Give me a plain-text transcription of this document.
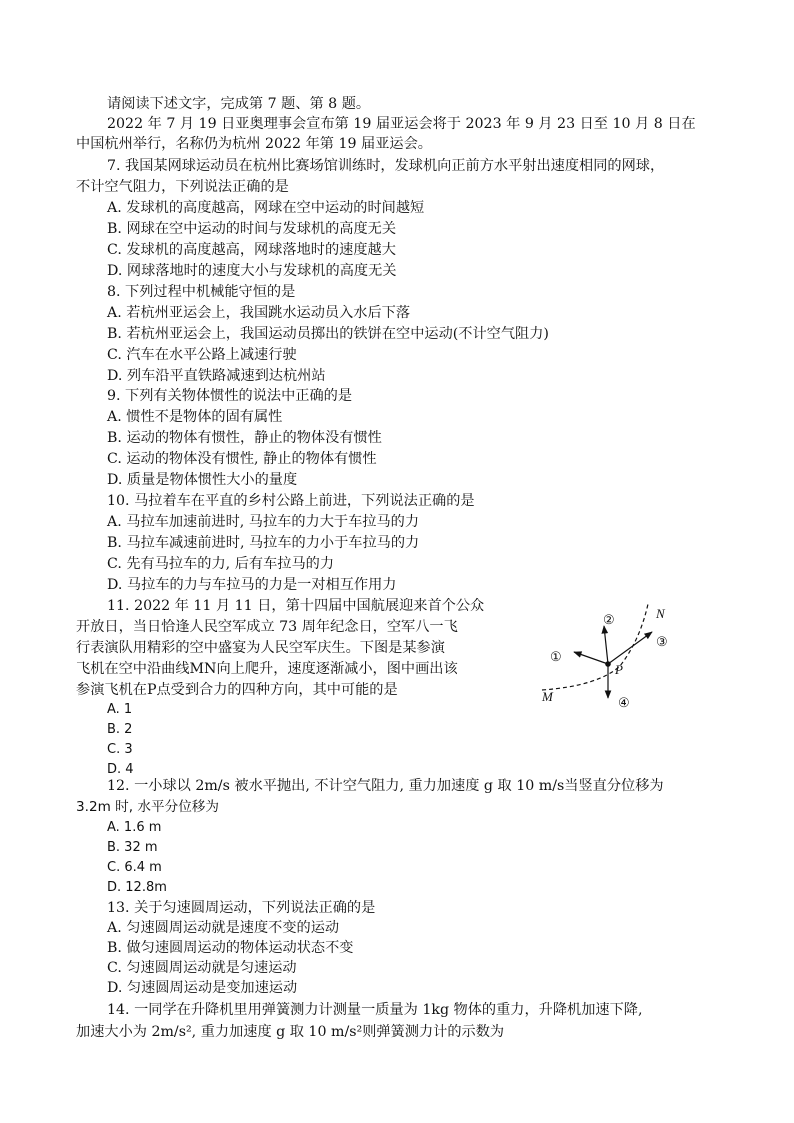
请阅读下述文字，完成第 7 题、第 8 题。
2022 年 7 月 19 日亚奥理事会宣布第 19 届亚运会将于 2023 年 9 月 23 日至 10 月 8 日在
中国杭州举行，名称仍为杭州 2022 年第 19 届亚运会。
7. 我国某网球运动员在杭州比赛场馆训练时，发球机向正前方水平射出速度相同的网球，
不计空气阻力，下列说法正确的是
A. 发球机的高度越高，网球在空中运动的时间越短
B. 网球在空中运动的时间与发球机的高度无关
C. 发球机的高度越高，网球落地时的速度越大
D. 网球落地时的速度大小与发球机的高度无关
8. 下列过程中机械能守恒的是
A. 若杭州亚运会上，我国跳水运动员入水后下落
B. 若杭州亚运会上，我国运动员掷出的铁饼在空中运动(不计空气阻力)
C. 汽车在水平公路上减速行驶
D. 列车沿平直铁路减速到达杭州站
9. 下列有关物体惯性的说法中正确的是
A. 惯性不是物体的固有属性
B. 运动的物体有惯性，静止的物体没有惯性
C. 运动的物体没有惯性, 静止的物体有惯性
D. 质量是物体惯性大小的量度
10. 马拉着车在平直的乡村公路上前进，下列说法正确的是
A. 马拉车加速前进时, 马拉车的力大于车拉马的力
B. 马拉车减速前进时, 马拉车的力小于车拉马的力
C. 先有马拉车的力, 后有车拉马的力
D. 马拉车的力与车拉马的力是一对相互作用力
11. 2022 年 11 月 11 日，第十四届中国航展迎来首个公众
开放日，当日恰逢人民空军成立 73 周年纪念日，空军八一飞
行表演队用精彩的空中盛宴为人民空军庆生。下图是某参演
飞机在空中沿曲线MN向上爬升，速度逐渐减小，图中画出该
参演飞机在P点受到合力的四种方向，其中可能的是
A. 1
B. 2
C. 3
D. 4
N
M
P
①
②
③
④
12. 一小球以 2m/s 被水平抛出, 不计空气阻力, 重力加速度 g 取 10 m/s当竖直分位移为
3.2m 时, 水平分位移为
A. 1.6 m
B. 32 m
C. 6.4 m
D. 12.8m
13. 关于匀速圆周运动，下列说法正确的是
A. 匀速圆周运动就是速度不变的运动
B. 做匀速圆周运动的物体运动状态不变
C. 匀速圆周运动就是匀速运动
D. 匀速圆周运动是变加速运动
14. 一同学在升降机里用弹簧测力计测量一质量为 1kg 物体的重力，升降机加速下降,
加速大小为 2m/s², 重力加速度 g 取 10 m/s²则弹簧测力计的示数为
